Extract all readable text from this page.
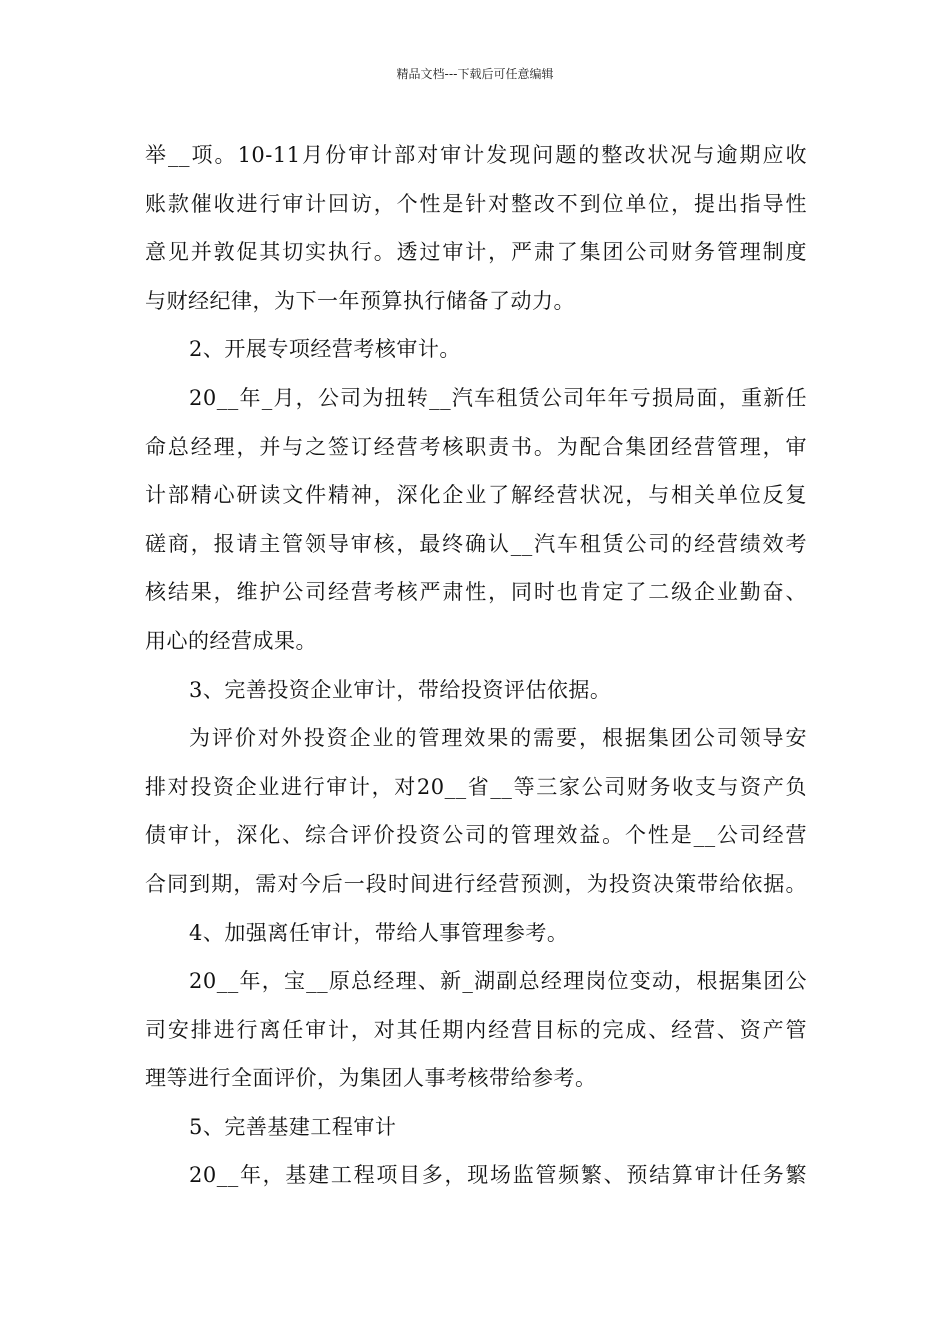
精品文档---下载后可任意编辑
举__项。10-11月份审计部对审计发现问题的整改状况与逾期应收
账款催收进行审计回访，个性是针对整改不到位单位，提出指导性
意见并敦促其切实执行。透过审计，严肃了集团公司财务管理制度
与财经纪律，为下一年预算执行储备了动力。
2、开展专项经营考核审计。
20__年_月，公司为扭转__汽车租赁公司年年亏损局面，重新任
命总经理，并与之签订经营考核职责书。为配合集团经营管理，审
计部精心研读文件精神，深化企业了解经营状况，与相关单位反复
磋商，报请主管领导审核，最终确认__汽车租赁公司的经营绩效考
核结果，维护公司经营考核严肃性，同时也肯定了二级企业勤奋、
用心的经营成果。
3、完善投资企业审计，带给投资评估依据。
为评价对外投资企业的管理效果的需要，根据集团公司领导安
排对投资企业进行审计，对20__省__等三家公司财务收支与资产负
债审计，深化、综合评价投资公司的管理效益。个性是__公司经营
合同到期，需对今后一段时间进行经营预测，为投资决策带给依据。
4、加强离任审计，带给人事管理参考。
20__年，宝__原总经理、新_湖副总经理岗位变动，根据集团公
司安排进行离任审计，对其任期内经营目标的完成、经营、资产管
理等进行全面评价，为集团人事考核带给参考。
5、完善基建工程审计
20__年，基建工程项目多，现场监管频繁、预结算审计任务繁
